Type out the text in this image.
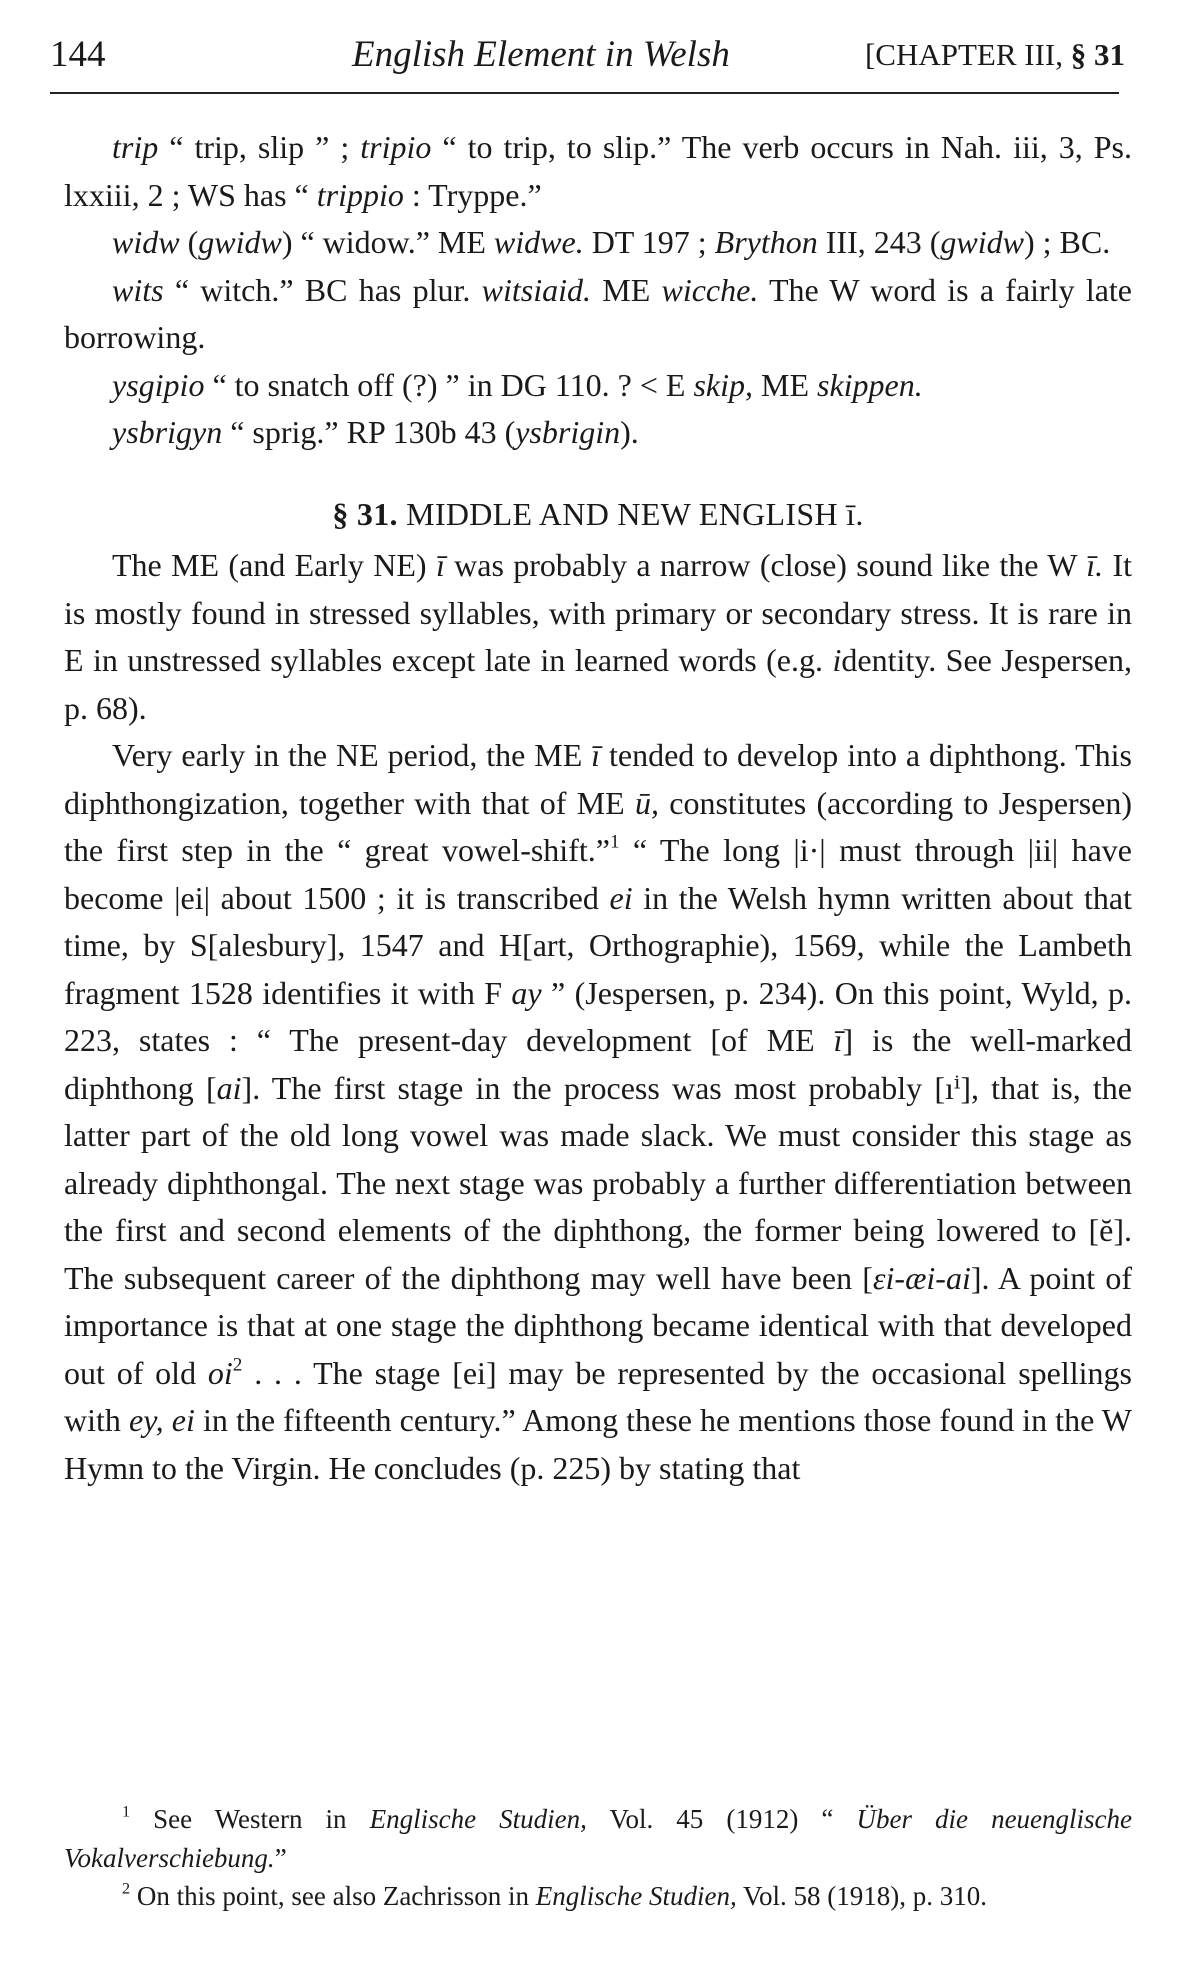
144	English Element in Welsh	[CHAPTER III, § 31

trip “ trip, slip ” ; tripio “ to trip, to slip.” The verb occurs in Nah. iii, 3, Ps. lxxiii, 2 ; WS has “ trippio : Tryppe.”

widw (gwidw) “ widow.” ME widwe. DT 197 ; Brython III, 243 (gwidw) ; BC.

wits “ witch.” BC has plur. witsiaid. ME wicche. The W word is a fairly late borrowing.

ysgipio “ to snatch off (?) ” in DG 110. ? < E skip, ME skippen.

ysbrigyn “ sprig.” RP 130b 43 (ysbrigin).

§ 31. MIDDLE AND NEW ENGLISH ī.

The ME (and Early NE) ī was probably a narrow (close) sound like the W ī. It is mostly found in stressed syllables, with primary or secondary stress. It is rare in E in unstressed syllables except late in learned words (e.g. identity. See Jespersen, p. 68).

Very early in the NE period, the ME ī tended to develop into a diphthong. This diphthongization, together with that of ME ū, constitutes (according to Jespersen) the first step in the “ great vowel-shift.”$^1$ “ The long |i·| must through |ii| have become |ei| about 1500 ; it is transcribed ei in the Welsh hymn written about that time, by S[alesbury], 1547 and H[art, Orthographie), 1569, while the Lambeth fragment 1528 identifies it with F ay ” (Jespersen, p. 234). On this point, Wyld, p. 223, states : “ The present-day development [of ME ī] is the well-marked diphthong [ai]. The first stage in the process was most probably [ıⁱ], that is, the latter part of the old long vowel was made slack. We must consider this stage as already diphthongal. The next stage was probably a further differentiation between the first and second elements of the diphthong, the former being lowered to [ĕ]. The subsequent career of the diphthong may well have been [εi-æi-ai]. A point of importance is that at one stage the diphthong became identical with that developed out of old $oi^2$ . . . The stage [ei] may be represented by the occasional spellings with ey, ei in the fifteenth century.” Among these he mentions those found in the W Hymn to the Virgin. He concludes (p. 225) by stating that

$^1$ See Western in Englische Studien, Vol. 45 (1912) “ Über die neuenglische Vokalverschiebung.”

$^2$ On this point, see also Zachrisson in Englische Studien, Vol. 58 (1918), p. 310.
